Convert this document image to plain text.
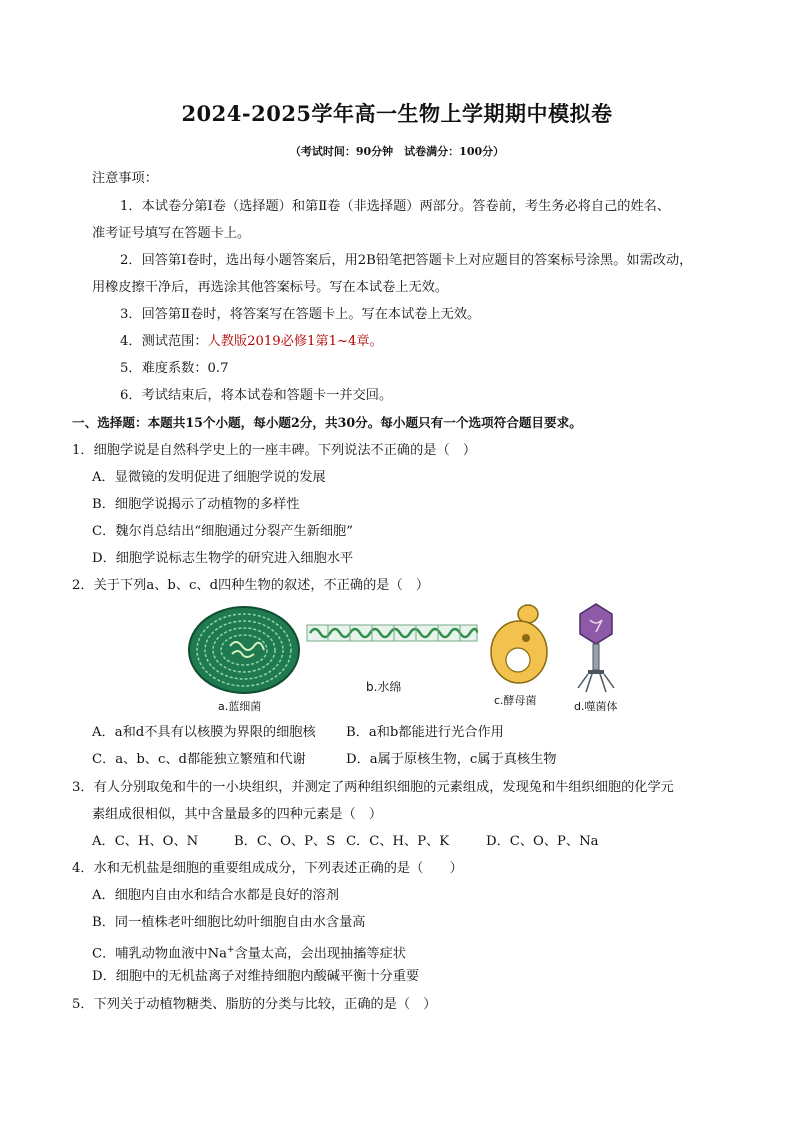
2024-2025学年高一生物上学期期中模拟卷
（考试时间：90分钟　试卷满分：100分）
注意事项：
1．本试卷分第Ⅰ卷（选择题）和第Ⅱ卷（非选择题）两部分。答卷前，考生务必将自己的姓名、
准考证号填写在答题卡上。
2．回答第Ⅰ卷时，选出每小题答案后，用2B铅笔把答题卡上对应题目的答案标号涂黑。如需改动，
用橡皮擦干净后，再选涂其他答案标号。写在本试卷上无效。
3．回答第Ⅱ卷时，将答案写在答题卡上。写在本试卷上无效。
4．测试范围：人教版2019必修1第1~4章。
5．难度系数：0.7
6．考试结束后，将本试卷和答题卡一并交回。
一、选择题：本题共15个小题，每小题2分，共30分。每小题只有一个选项符合题目要求。
1．细胞学说是自然科学史上的一座丰碑。下列说法不正确的是（　）
A．显微镜的发明促进了细胞学说的发展
B．细胞学说揭示了动植物的多样性
C．魏尔肖总结出“细胞通过分裂产生新细胞”
D．细胞学说标志生物学的研究进入细胞水平
2．关于下列a、b、c、d四种生物的叙述，不正确的是（　）
a.蓝细菌
b.水绵
c.酵母菌	d.噬菌体
A．a和d不具有以核膜为界限的细胞核 B．a和b都能进行光合作用
C．a、b、c、d都能独立繁殖和代谢	D．a属于原核生物，c属于真核生物
3．有人分别取兔和牛的一小块组织，并测定了两种组织细胞的元素组成，发现兔和牛组织细胞的化学元
素组成很相似，其中含量最多的四种元素是（　）
A．C、H、O、N	B．C、O、P、S C．C、H、P、K	D．C、O、P、Na
4．水和无机盐是细胞的重要组成成分，下列表述正确的是（　　）
A．细胞内自由水和结合水都是良好的溶剂
B．同一植株老叶细胞比幼叶细胞自由水含量高
C．哺乳动物血液中Na+含量太高，会出现抽搐等症状
D．细胞中的无机盐离子对维持细胞内酸碱平衡十分重要
5．下列关于动植物糖类、脂肪的分类与比较，正确的是（　）
